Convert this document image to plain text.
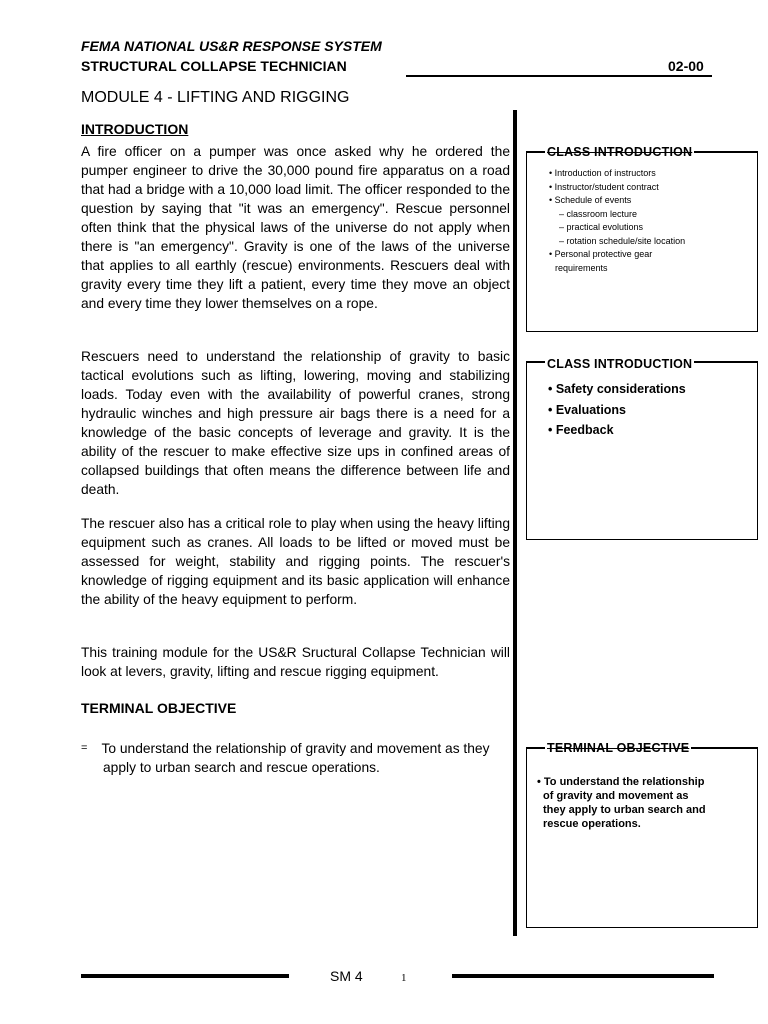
FEMA NATIONAL US&R RESPONSE SYSTEM
STRUCTURAL COLLAPSE TECHNICIAN	02-00
MODULE 4 - LIFTING AND RIGGING
INTRODUCTION

A fire officer on a pumper was once asked why he ordered the pumper engineer to drive the 30,000 pound fire apparatus on a road that had a bridge with a 10,000 load limit. The officer responded to the question by saying that "it was an emergency". Rescue personnel often think that the physical laws of the universe do not apply when there is "an emergency". Gravity is one of the laws of the universe that applies to all earthly (rescue) environments. Rescuers deal with gravity every time they lift a patient, every time they move an object and every time they lower themselves on a rope.

Rescuers need to understand the relationship of gravity to basic tactical evolutions such as lifting, lowering, moving and stabilizing loads. Today even with the availability of powerful cranes, strong hydraulic winches and high pressure air bags there is a need for a knowledge of the basic concepts of leverage and gravity. It is the ability of the rescuer to make effective size ups in confined areas of collapsed buildings that often means the difference between life and death.

The rescuer also has a critical role to play when using the heavy lifting equipment such as cranes. All loads to be lifted or moved must be assessed for weight, stability and rigging points. The rescuer's knowledge of rigging equipment and its basic application will enhance the ability of the heavy equipment to perform.

This training module for the US&R Sructural Collapse Technician will look at levers, gravity, lifting and rescue rigging equipment.

TERMINAL OBJECTIVE
= To understand the relationship of gravity and movement as they apply to urban search and rescue operations.
CLASS INTRODUCTION
• Introduction of instructors
• Instructor/student contract
• Schedule of events
– classroom lecture
– practical evolutions
– rotation schedule/site location
• Personal protective gear
requirements
CLASS INTRODUCTION
• Safety considerations
• Evaluations
• Feedback
TERMINAL OBJECTIVE
• To understand the relationship
of gravity and movement as
they apply to urban search and
rescue operations.
SM 4	1
